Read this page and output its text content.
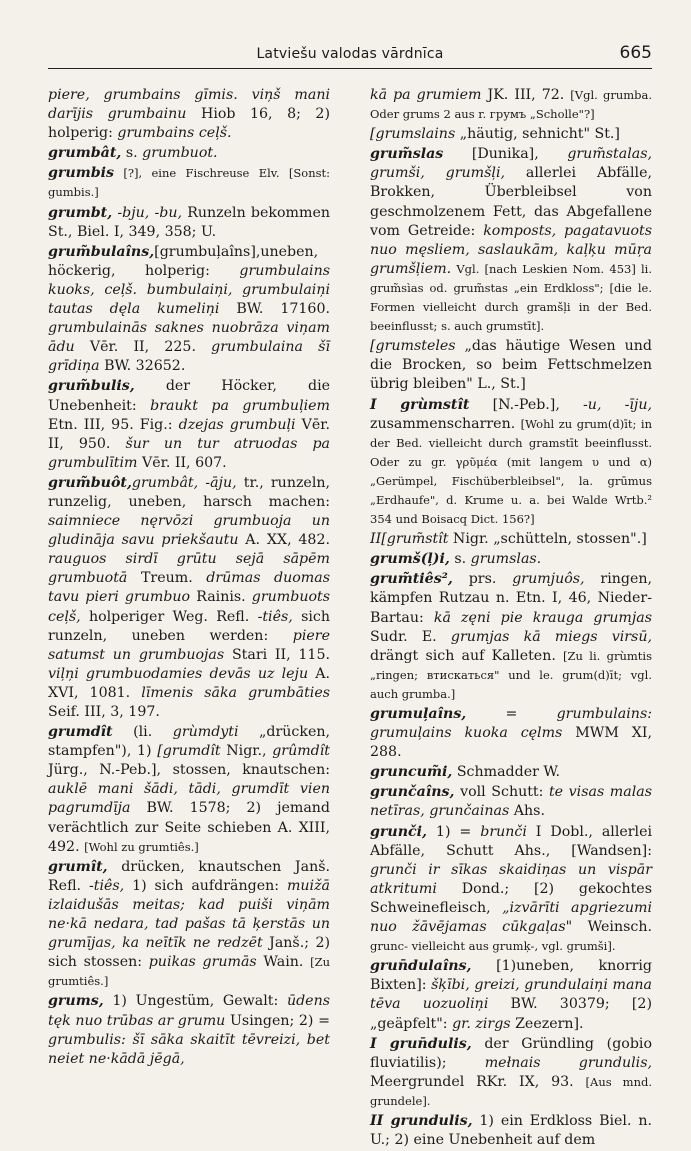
Latviešu valodas vārdnīca	665

piere, grumbains gīmis. viņš mani darījis grumbainu Hiob 16, 8; 2) holperig: grumbains ceļš.

grumbât, s. grumbuot.

grumbis [?], eine Fischreuse Elv. [Sonst: gumbis.]

grumbt, -bju, -bu, Runzeln bekommen St., Biel. I, 349, 358; U.

grum̃bulaîns,[grumbuļaîns],uneben, höckerig, holperig: grumbulains kuoks, ceļš. bumbulaiņi, grumbulaiņi tautas dęla kumeliņi BW. 17160. grumbulainās saknes nuobrāza viņam ādu Vēr. II, 225. grumbulaina šī grīdiņa BW. 32652.

grum̃bulis, der Höcker, die Unebenheit: braukt pa grumbuļiem Etn. III, 95. Fig.: dzejas grumbuļi Vēr. II, 950. šur un tur atruodas pa grumbulītim Vēr. II, 607.

grum̃buôt,grumbât, -āju, tr., runzeln, runzelig, uneben, harsch machen: saimniece nęrvōzi grumbuoja un gludināja savu priekšautu A. XX, 482. rauguos sirdī grūtu sejā sāpēm grumbuotā Treum. drūmas duomas tavu pieri grumbuo Rainis. grumbuots ceļš, holperiger Weg. Refl. -tiês, sich runzeln, uneben werden: piere satumst un grumbuojas Stari II, 115. viļņi grumbuodamies devās uz leju A. XVI, 1081. līmenis sāka grumbāties Seif. III, 3, 197.

grumdît (li. grùmdyti „drücken, stampfen"), 1) [grumdît Nigr., grûmdît Jürg., N.-Peb.], stossen, knautschen: auklē mani šādi, tādi, grumdīt vien pagrumdīja BW. 1578; 2) jemand verächtlich zur Seite schieben A. XIII, 492. [Wohl zu grumtiês.]

grumît, drücken, knautschen Janš. Refl. -tiês, 1) sich aufdrängen: muižā izlaidušās meitas; kad puiši viņām ne·kā nedara, tad pašas tā ķerstās un grumījas, ka neītīk ne redzēt Janš.; 2) sich stossen: puikas grumās Wain. [Zu grumtiês.]

grums, 1) Ungestüm, Gewalt: ūdens tęk nuo trūbas ar grumu Usingen; 2) = grumbulis: šī sāka skaitīt tēvreizi, bet neiet ne·kādā jēgā,

kā pa grumiem JK. III, 72. [Vgl. grumba. Oder grums 2 aus r. грумъ „Scholle"?]

[grumslains „häutig, sehnicht" St.]

grum̃slas [Dunika], grum̃stalas, grumši, grumšļi, allerlei Abfälle, Brokken, Überbleibsel von geschmolzenem Fett, das Abgefallene vom Getreide: komposts, pagatavuots nuo męsliem, saslaukām, kaļķu mūŗa grumšļiem. Vgl. [nach Leskien Nom. 453] li. grum̃sìas od. grum̃stas „ein Erdkloss"; [die le. Formen vielleicht durch gramšļi in der Bed. beeinflusst; s. auch grumstīt].

[grumsteles „das häutige Wesen und die Brocken, so beim Fettschmelzen übrig bleiben" L., St.]

I grùmstît [N.-Peb.], -u, -īju, zusammenscharren. [Wohl zu grum(d)īt; in der Bed. vielleicht durch gramstīt beeinflusst. Oder zu gr. γρῦμέα (mit langem υ und α) „Gerümpel, Fischüberbleibsel", la. grūmus „Erdhaufe", d. Krume u. a. bei Walde Wrtb.² 354 und Boisacq Dict. 156?]

II[grum̃stît Nigr. „schütteln, stossen".]

grumš(ļ)i, s. grumslas.

grum̃tiês², prs. grumjuôs, ringen, kämpfen Rutzau n. Etn. I, 46, Nieder-Bartau: kā zęni pie krauga grumjas Sudr. E. grumjas kā miegs virsū, drängt sich auf Kalleten. [Zu li. grùmtis „ringen; втискаться" und le. grum(d)īt; vgl. auch grumba.]

grumuļaîns, = grumbulains: grumuļains kuoka cęlms MWM XI, 288.

gruncum̃i, Schmadder W.

grunčaîns, voll Schutt: te visas malas netīras, grunčainas Ahs.

grunči, 1) = brunči I Dobl., allerlei Abfälle, Schutt Ahs., [Wandsen]: grunči ir sīkas skaidiņas un vispār atkritumi Dond.; [2) gekochtes Schweinefleisch, „izvārīti apgriezumi nuo žāvējamas cūkgaļas" Weinsch. grunc- vielleicht aus grumķ-, vgl. grumši].

grun̄dulaîns, [1)uneben, knorrig Bixten]: šķībi, greizi, grundulaiņi mana tēva uozuoliņi BW. 30379; [2) „geäpfelt": gr. zirgs Zeezern].

I grun̄dulis, der Gründling (gobio fluviatilis); mełnais grundulis, Meergrundel RKr. IX, 93. [Aus mnd. grundele].

II grundulis, 1) ein Erdkloss Biel. n. U.; 2) eine Unebenheit auf dem
